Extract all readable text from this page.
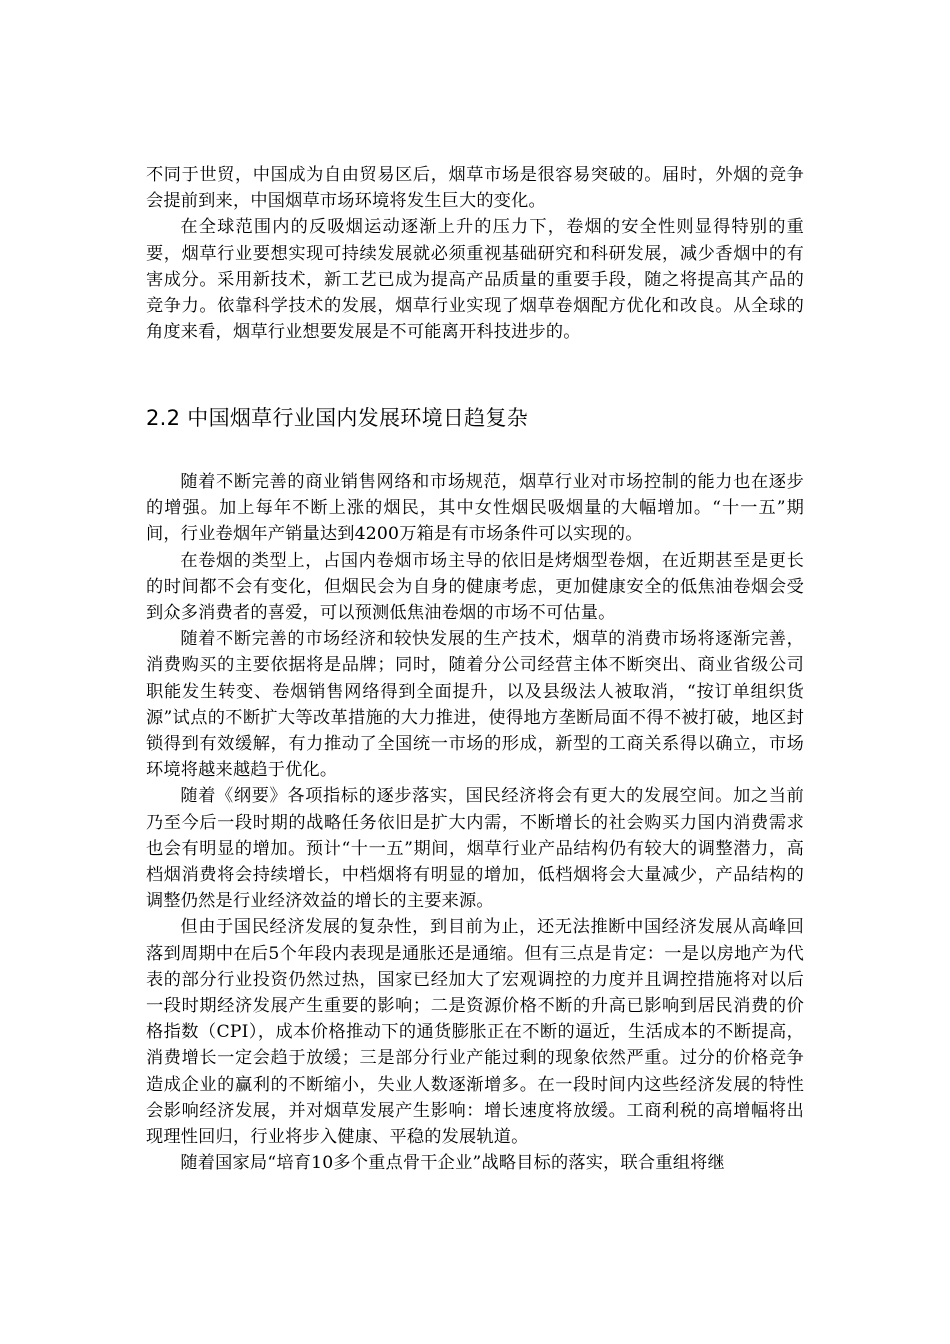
不同于世贸，中国成为自由贸易区后，烟草市场是很容易突破的。届时，外烟的竞争会提前到来，中国烟草市场环境将发生巨大的变化。

在全球范围内的反吸烟运动逐渐上升的压力下，卷烟的安全性则显得特别的重要，烟草行业要想实现可持续发展就必须重视基础研究和科研发展，减少香烟中的有害成分。采用新技术，新工艺已成为提高产品质量的重要手段，随之将提高其产品的竞争力。依靠科学技术的发展，烟草行业实现了烟草卷烟配方优化和改良。从全球的角度来看，烟草行业想要发展是不可能离开科技进步的。

2.2 中国烟草行业国内发展环境日趋复杂

随着不断完善的商业销售网络和市场规范，烟草行业对市场控制的能力也在逐步的增强。加上每年不断上涨的烟民，其中女性烟民吸烟量的大幅增加。“十一五”期间，行业卷烟年产销量达到4200万箱是有市场条件可以实现的。

在卷烟的类型上，占国内卷烟市场主导的依旧是烤烟型卷烟，在近期甚至是更长的时间都不会有变化，但烟民会为自身的健康考虑，更加健康安全的低焦油卷烟会受到众多消费者的喜爱，可以预测低焦油卷烟的市场不可估量。

随着不断完善的市场经济和较快发展的生产技术，烟草的消费市场将逐渐完善，消费购买的主要依据将是品牌；同时，随着分公司经营主体不断突出、商业省级公司职能发生转变、卷烟销售网络得到全面提升，以及县级法人被取消，“按订单组织货源”试点的不断扩大等改革措施的大力推进，使得地方垄断局面不得不被打破，地区封锁得到有效缓解，有力推动了全国统一市场的形成，新型的工商关系得以确立，市场环境将越来越趋于优化。

随着《纲要》各项指标的逐步落实，国民经济将会有更大的发展空间。加之当前乃至今后一段时期的战略任务依旧是扩大内需，不断增长的社会购买力国内消费需求也会有明显的增加。预计“十一五”期间，烟草行业产品结构仍有较大的调整潜力，高档烟消费将会持续增长，中档烟将有明显的增加，低档烟将会大量减少，产品结构的调整仍然是行业经济效益的增长的主要来源。

但由于国民经济发展的复杂性，到目前为止，还无法推断中国经济发展从高峰回落到周期中在后5个年段内表现是通胀还是通缩。但有三点是肯定：一是以房地产为代表的部分行业投资仍然过热，国家已经加大了宏观调控的力度并且调控措施将对以后一段时期经济发展产生重要的影响；二是资源价格不断的升高已影响到居民消费的价格指数（CPI），成本价格推动下的通货膨胀正在不断的逼近，生活成本的不断提高，消费增长一定会趋于放缓；三是部分行业产能过剩的现象依然严重。过分的价格竞争造成企业的赢利的不断缩小，失业人数逐渐增多。在一段时间内这些经济发展的特性会影响经济发展，并对烟草发展产生影响：增长速度将放缓。工商利税的高增幅将出现理性回归，行业将步入健康、平稳的发展轨道。

随着国家局“培育10多个重点骨干企业”战略目标的落实，联合重组将继
